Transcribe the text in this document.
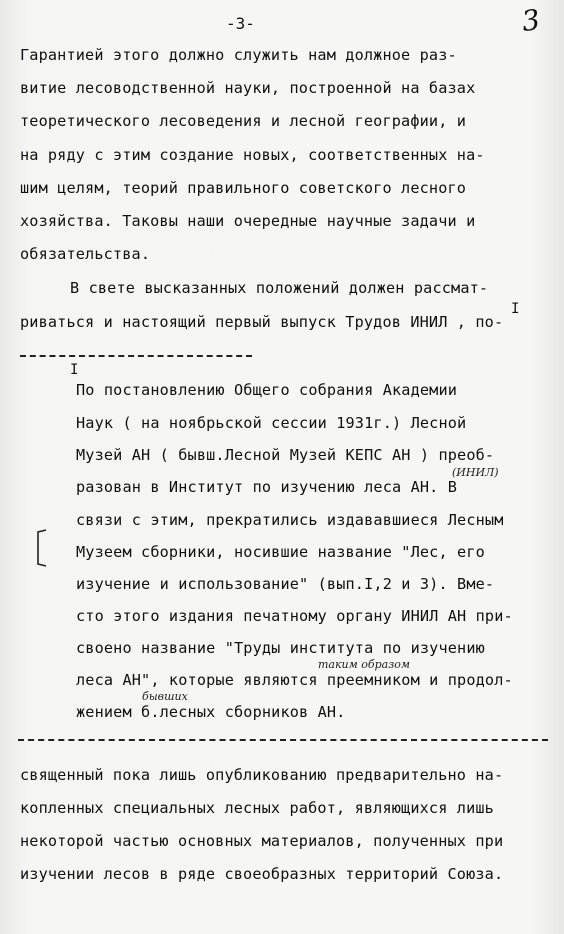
-3-	3
Гарантией этого должно служить нам должное раз-
витие лесоводственной науки, построенной на базах
теоретического лесоведения и лесной географии, и
на ряду с этим создание новых, соответственных на-
шим целям, теорий правильного советского лесного
хозяйства. Таковы наши очередные научные задачи и
обязательства.
В свете высказанных положений должен рассмат-
риваться и настоящий первый выпуск Трудов ИНИЛ , по-
I
I
По постановлению Общего собрания Академии
Наук ( на ноябрьской сессии 1931г.) Лесной
Музей АН ( бывш.Лесной Музей КЕПС АН ) преоб-
разован в Институт по изучению леса АН. В
связи с этим, прекратились издававшиеся Лесным
Музеем сборники, носившие название "Лес, его
изучение и использование" (вып.I,2 и 3). Вме-
сто этого издания печатному органу ИНИЛ АН при-
своено название "Труды института по изучению
леса АН", которые являются преемником и продол-
жением б.лесных сборников АН.
(ИНИЛ)
таким образом
бывших
священный пока лишь опубликованию предварительно на-
копленных специальных лесных работ, являющихся лишь
некоторой частью основных материалов, полученных при
изучении лесов в ряде своеобразных территорий Союза.
